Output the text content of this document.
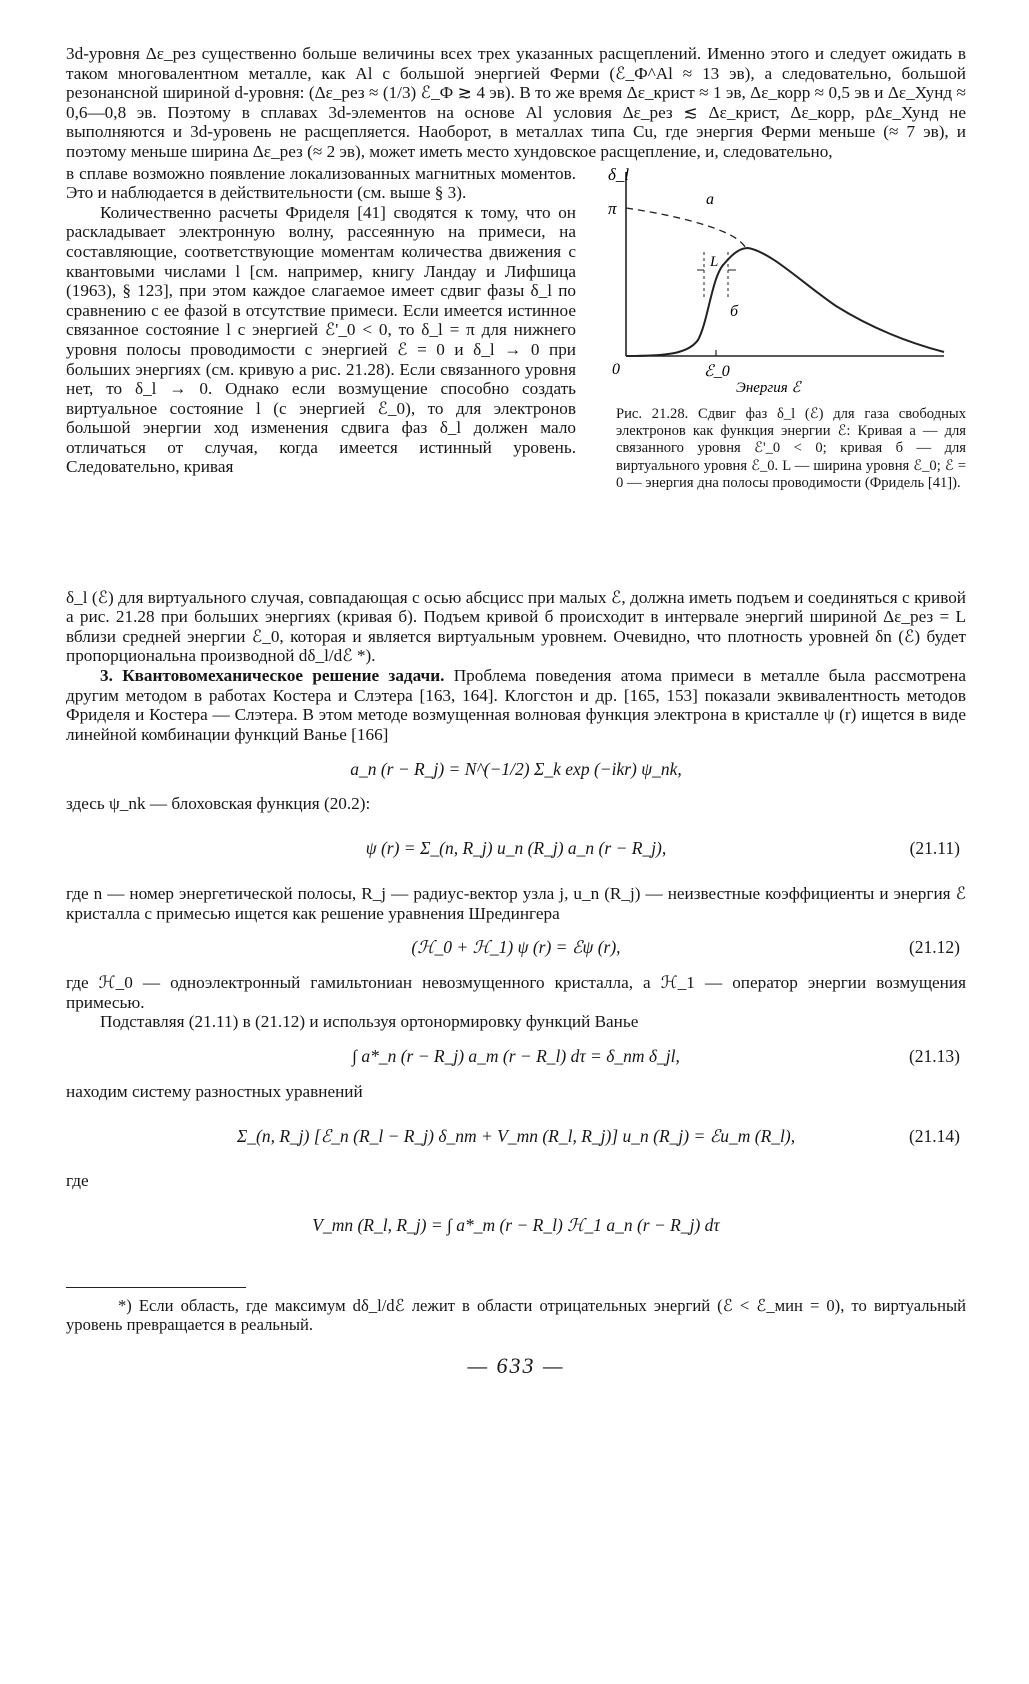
3d-уровня Δε_рез существенно больше величины всех трех указанных расщеплений. Именно этого и следует ожидать в таком многовалентном металле, как Al с большой энергией Ферми (ℰ_Ф^Al ≈ 13 эв), а следовательно, большой резонансной шириной d-уровня: (Δε_рез ≈ (1/3) ℰ_Ф ≳ 4 эв). В то же время Δε_крист ≈ 1 эв, Δε_корр ≈ 0,5 эв и Δε_Хунд ≈ 0,6—0,8 эв. Поэтому в сплавах 3d-элементов на основе Al условия Δε_рез ≲ Δε_крист, Δε_корр, pΔε_Хунд не выполняются и 3d-уровень не расщепляется. Наоборот, в металлах типа Cu, где энергия Ферми меньше (≈ 7 эв), и поэтому меньше ширина Δε_рез (≈ 2 эв), может иметь место хундовское расщепление, и, следовательно,

в сплаве возможно появление локализованных магнитных моментов. Это и наблюдается в действительности (см. выше § 3).

Количественно расчеты Фриделя [41] сводятся к тому, что он раскладывает электронную волну, рассеянную на примеси, на составляющие, соответствующие моментам количества движения с квантовыми числами l [см. например, книгу Ландау и Лифшица (1963), § 123], при этом каждое слагаемое имеет сдвиг фазы δ_l по сравнению с ее фазой в отсутствие примеси. Если имеется истинное связанное состояние l с энергией ℰ'_0 < 0, то δ_l = π для нижнего уровня полосы проводимости с энергией ℰ = 0 и δ_l → 0 при больших энергиях (см. кривую a рис. 21.28). Если связанного уровня нет, то δ_l → 0. Однако если возмущение способно создать виртуальное состояние l (с энергией ℰ_0), то для электронов большой энергии ход изменения сдвига фаз δ_l должен мало отличаться от случая, когда имеется истинный уровень. Следовательно, кривая

δ_l
π
0
a
б
L
ℰ_0
Энергия ℰ

Рис. 21.28. Сдвиг фаз δ_l (ℰ) для газа свободных электронов как функция энергии ℰ: Кривая a — для связанного уровня ℰ'_0 < 0; кривая б — для виртуального уровня ℰ_0. L — ширина уровня ℰ_0; ℰ = 0 — энергия дна полосы проводимости (Фридель [41]).

δ_l (ℰ) для виртуального случая, совпадающая с осью абсцисс при малых ℰ, должна иметь подъем и соединяться с кривой a рис. 21.28 при больших энергиях (кривая б). Подъем кривой б происходит в интервале энергий шириной Δε_рез = L вблизи средней энергии ℰ_0, которая и является виртуальным уровнем. Очевидно, что плотность уровней δn (ℰ) будет пропорциональна производной dδ_l/dℰ *).

3. Квантовомеханическое решение задачи. Проблема поведения атома примеси в металле была рассмотрена другим методом в работах Костера и Слэтера [163, 164]. Клогстон и др. [165, 153] показали эквивалентность методов Фриделя и Костера — Слэтера. В этом методе возмущенная волновая функция электрона в кристалле ψ (r) ищется в виде линейной комбинации функций Ванье [166]

a_n (r − R_j) = N^(−1/2) Σ_k exp (−ikr) ψ_nk,

здесь ψ_nk — блоховская функция (20.2):

ψ (r) = Σ_(n, R_j) u_n (R_j) a_n (r − R_j),	(21.11)

где n — номер энергетической полосы, R_j — радиус-вектор узла j, u_n (R_j) — неизвестные коэффициенты и энергия ℰ кристалла с примесью ищется как решение уравнения Шредингера

(ℋ_0 + ℋ_1) ψ (r) = ℰψ (r),	(21.12)

где ℋ_0 — одноэлектронный гамильтониан невозмущенного кристалла, а ℋ_1 — оператор энергии возмущения примесью.

Подставляя (21.11) в (21.12) и используя ортонормировку функций Ванье

∫ a*_n (r − R_j) a_m (r − R_l) dτ = δ_nm δ_jl,	(21.13)

находим систему разностных уравнений

Σ_(n, R_j) [ℰ_n (R_l − R_j) δ_nm + V_mn (R_l, R_j)] u_n (R_j) = ℰu_m (R_l),	(21.14)

где

V_mn (R_l, R_j) = ∫ a*_m (r − R_l) ℋ_1 a_n (r − R_j) dτ

*) Если область, где максимум dδ_l/dℰ лежит в области отрицательных энергий (ℰ < ℰ_мин = 0), то виртуальный уровень превращается в реальный.

— 633 —
